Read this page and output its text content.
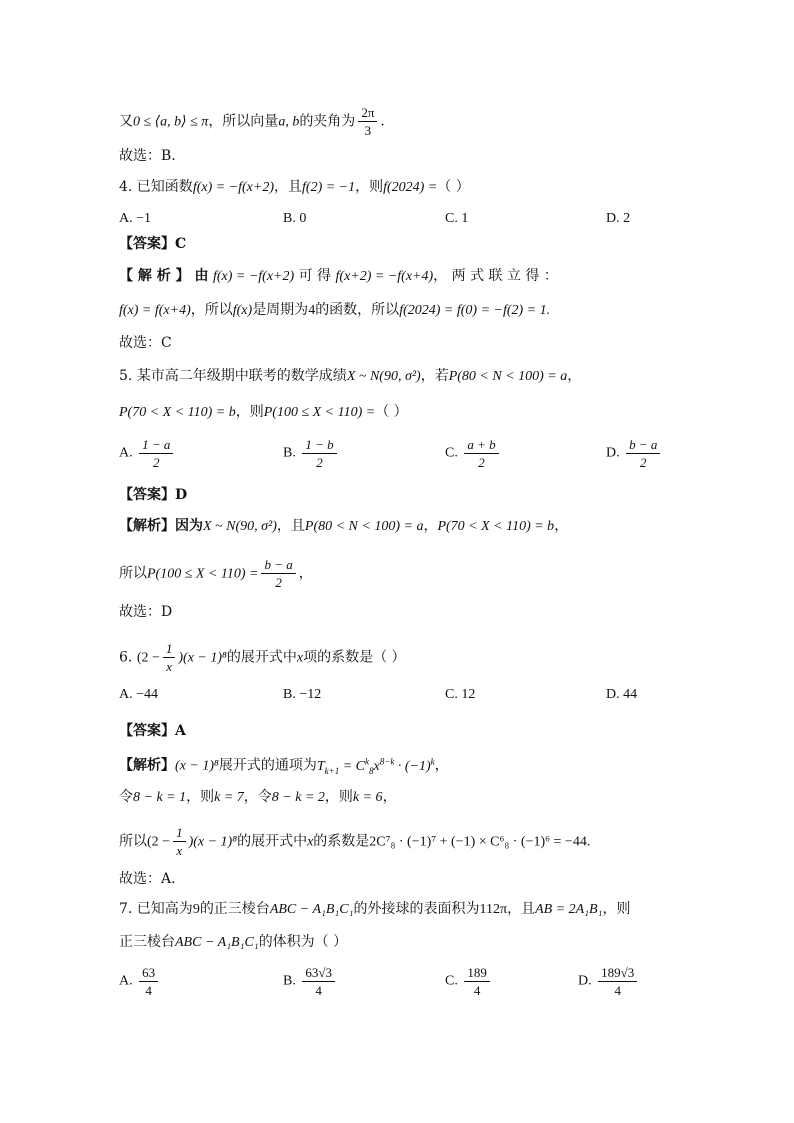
又0 ≤ ⟨a, b⟩ ≤ π，所以向量a, b的夹角为 $\frac{2\pi}{3}$ .
故选：B.
4. 已知函数f(x) = −f(x+2)，且f(2) = −1，则f(2024) =（ ）
A. −1	B. 0	C. 1	D. 2
【答案】C
【 解 析 】 由 f(x) = −f(x+2) 可 得 f(x+2) = −f(x+4)， 两 式 联 立 得 ：
f(x) = f(x+4)，所以f(x)是周期为4的函数，所以f(2024) = f(0) = −f(2) = 1.
故选：C
5. 某市高二年级期中联考的数学成绩X ~ N(90, σ²)，若P(80 < N < 100) = a，
P(70 < X < 110) = b，则P(100 ≤ X < 110) =（ ）
A. $\frac{1 - a}{2}$	B. $\frac{1 - b}{2}$	C. $\frac{a + b}{2}$	D. $\frac{b - a}{2}$
【答案】D
【解析】因为X ~ N(90, σ²)，且P(80 < N < 100) = a，P(70 < X < 110) = b，
所以$P(100 \le X < 110) = \frac{b - a}{2}$ ，
故选：D
6. $(2 - \frac{1}{x} )(x - 1)^8$的展开式中x项的系数是（ ）
A. −44	B. −12	C. 12	D. 44
【答案】A
【解析】(x − 1)⁸展开式的通项为$T_{k+1} = C^k_8x^{8-k} \cdot (-1)^k$，
令8 − k = 1，则k = 7，令8 − k = 2，则k = 6，
所以$(2 - \frac{1}{x} )(x - 1)^8$的展开式中x的系数是2C⁷₈ · (−1)⁷ + (−1) × C⁶₈ · (−1)⁶ = −44.
故选：A.
7. 已知高为9的正三棱台ABC − A₁B₁C₁的外接球的表面积为112π，且AB = 2A₁B₁，则
正三棱台ABC − A₁B₁C₁的体积为（ ）
A. $\frac{63}{4}$	B. $\frac{63√3}{4}$	C. $\frac{189}{4}$	D. $\frac{189√3}{4}$
